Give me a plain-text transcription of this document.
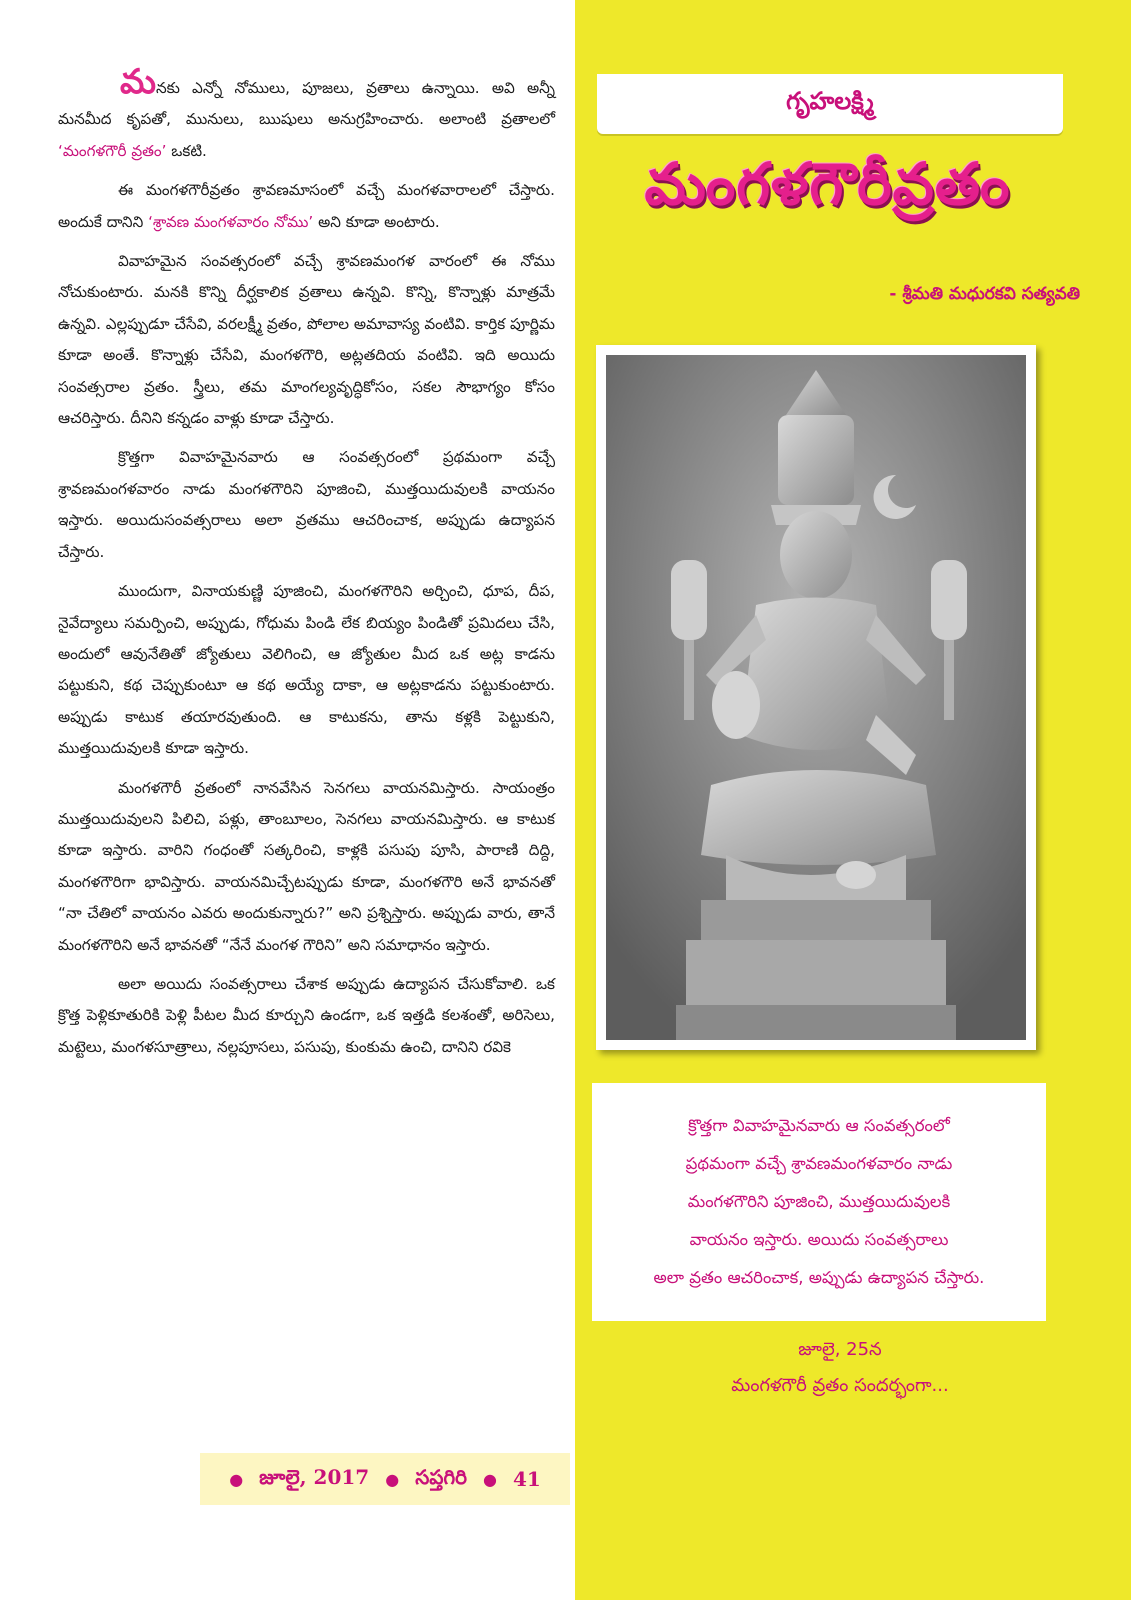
మనకు ఎన్నో నోములు, పూజలు, వ్రతాలు ఉన్నాయి. అవి అన్నీ మనమీద కృపతో, మునులు, ఋషులు అనుగ్రహించారు. అలాంటి వ్రతాలలో ‘మంగళగౌరీ వ్రతం’ ఒకటి.

ఈ మంగళగౌరీవ్రతం శ్రావణమాసంలో వచ్చే మంగళవారాలలో చేస్తారు. అందుకే దానిని ‘శ్రావణ మంగళవారం నోము’ అని కూడా అంటారు.

వివాహమైన సంవత్సరంలో వచ్చే శ్రావణమంగళ వారంలో ఈ నోము నోచుకుంటారు. మనకి కొన్ని దీర్ఘకాలిక వ్రతాలు ఉన్నవి. కొన్ని, కొన్నాళ్లు మాత్రమే ఉన్నవి. ఎల్లప్పుడూ చేసేవి, వరలక్ష్మీ వ్రతం, పోలాల అమావాస్య వంటివి. కార్తిక పూర్ణిమ కూడా అంతే. కొన్నాళ్లు చేసేవి, మంగళగౌరి, అట్లతదియ వంటివి. ఇది అయిదు సంవత్సరాల వ్రతం. స్త్రీలు, తమ మాంగల్యవృద్ధికోసం, సకల సౌభాగ్యం కోసం ఆచరిస్తారు. దీనిని కన్నడం వాళ్లు కూడా చేస్తారు.

క్రొత్తగా వివాహమైనవారు ఆ సంవత్సరంలో ప్రథమంగా వచ్చే శ్రావణమంగళవారం నాడు మంగళగౌరిని పూజించి, ముత్తయిదువులకి వాయనం ఇస్తారు. అయిదుసంవత్సరాలు అలా వ్రతము ఆచరించాక, అప్పుడు ఉద్యాపన చేస్తారు.

ముందుగా, వినాయకుణ్ణి పూజించి, మంగళగౌరిని అర్చించి, ధూప, దీప, నైవేద్యాలు సమర్పించి, అప్పుడు, గోధుమ పిండి లేక బియ్యం పిండితో ప్రమిదలు చేసి, అందులో ఆవునేతితో జ్యోతులు వెలిగించి, ఆ జ్యోతుల మీద ఒక అట్ల కాడను పట్టుకుని, కథ చెప్పుకుంటూ ఆ కథ అయ్యే దాకా, ఆ అట్లకాడను పట్టుకుంటారు. అప్పుడు కాటుక తయారవుతుంది. ఆ కాటుకను, తాను కళ్లకి పెట్టుకుని, ముత్తయిదువులకి కూడా ఇస్తారు.

మంగళగౌరీ వ్రతంలో నానవేసిన సెనగలు వాయనమిస్తారు. సాయంత్రం ముత్తయిదువులని పిలిచి, పళ్లు, తాంబూలం, సెనగలు వాయనమిస్తారు. ఆ కాటుక కూడా ఇస్తారు. వారిని గంధంతో సత్కరించి, కాళ్లకి పసుపు పూసి, పారాణి దిద్ది, మంగళగౌరిగా భావిస్తారు. వాయనమిచ్చేటప్పుడు కూడా, మంగళగౌరి అనే భావనతో “నా చేతిలో వాయనం ఎవరు అందుకున్నారు?” అని ప్రశ్నిస్తారు. అప్పుడు వారు, తానే మంగళగౌరిని అనే భావనతో “నేనే మంగళ గౌరిని” అని సమాధానం ఇస్తారు.

అలా అయిదు సంవత్సరాలు చేశాక అప్పుడు ఉద్యాపన చేసుకోవాలి. ఒక క్రొత్త పెళ్లికూతురికి పెళ్లి పీటల మీద కూర్చుని ఉండగా, ఒక ఇత్తడి కలశంతో, అరిసెలు, మట్టెలు, మంగళసూత్రాలు, నల్లపూసలు, పసుపు, కుంకుమ ఉంచి, దానిని రవికె

● జూలై, 2017 ● సప్తగిరి ● 41
గృహలక్ష్మి
మంగళగౌరీవ్రతం
- శ్రీమతి మధురకవి సత్యవతి
క్రొత్తగా వివాహమైనవారు ఆ సంవత్సరంలో
ప్రథమంగా వచ్చే శ్రావణమంగళవారం నాడు
మంగళగౌరిని పూజించి, ముత్తయిదువులకి
వాయనం ఇస్తారు. అయిదు సంవత్సరాలు
అలా వ్రతం ఆచరించాక, అప్పుడు ఉద్యాపన చేస్తారు.
జూలై, 25న
మంగళగౌరీ వ్రతం సందర్భంగా...
